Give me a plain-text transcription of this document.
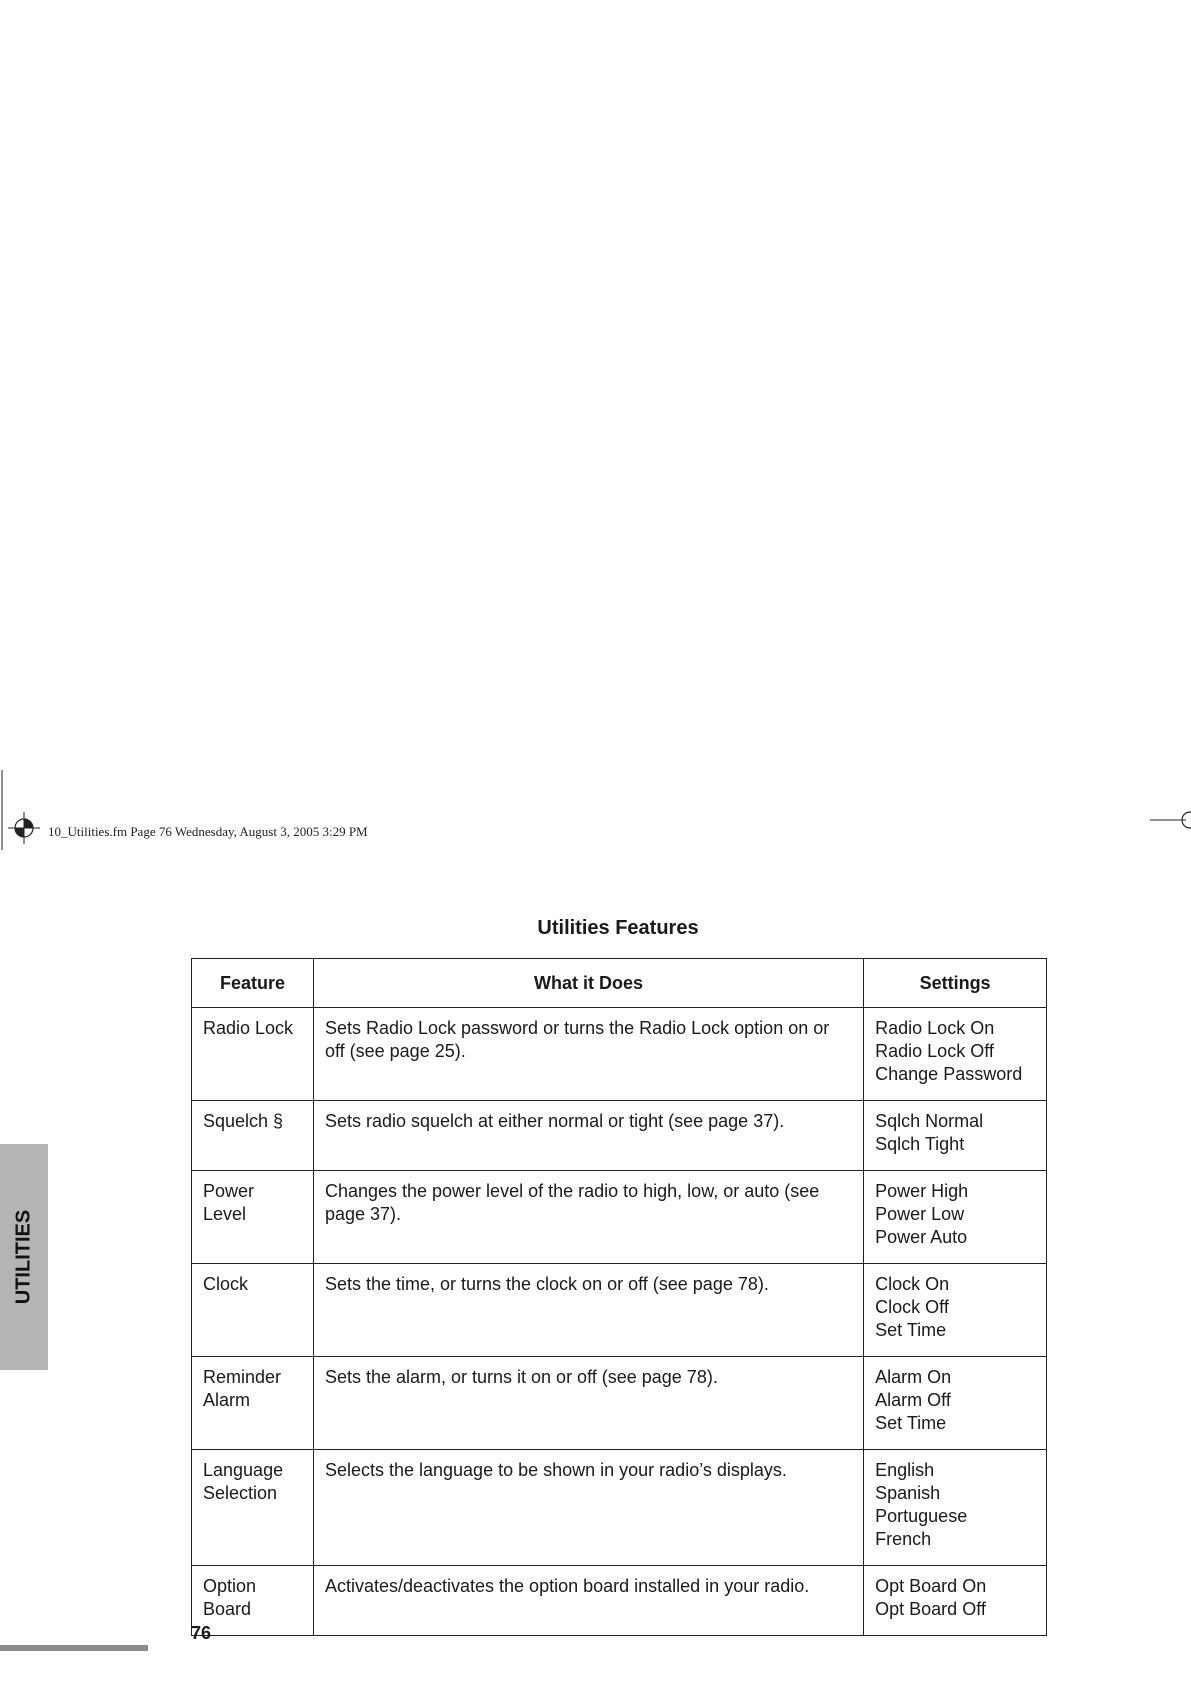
10_Utilities.fm Page 76 Wednesday, August 3, 2005 3:29 PM
Utilities Features
Feature	What it Does	Settings
Radio Lock	Sets Radio Lock password or turns the Radio Lock option on or off (see page 25).	Radio Lock On
Radio Lock Off
Change Password

Squelch §	Sets radio squelch at either normal or tight (see page 37).	Sqlch Normal
Sqlch Tight

Power Level	Changes the power level of the radio to high, low, or auto (see page 37).	Power High
Power Low
Power Auto

Clock	Sets the time, or turns the clock on or off (see page 78).	Clock On
Clock Off
Set Time

Reminder Alarm	Sets the alarm, or turns it on or off (see page 78).	Alarm On
Alarm Off
Set Time

Language Selection	Selects the language to be shown in your radio’s displays.	English
Spanish
Portuguese
French

Option Board	Activates/deactivates the option board installed in your radio.	Opt Board On
Opt Board Off
UTILITIES
76
